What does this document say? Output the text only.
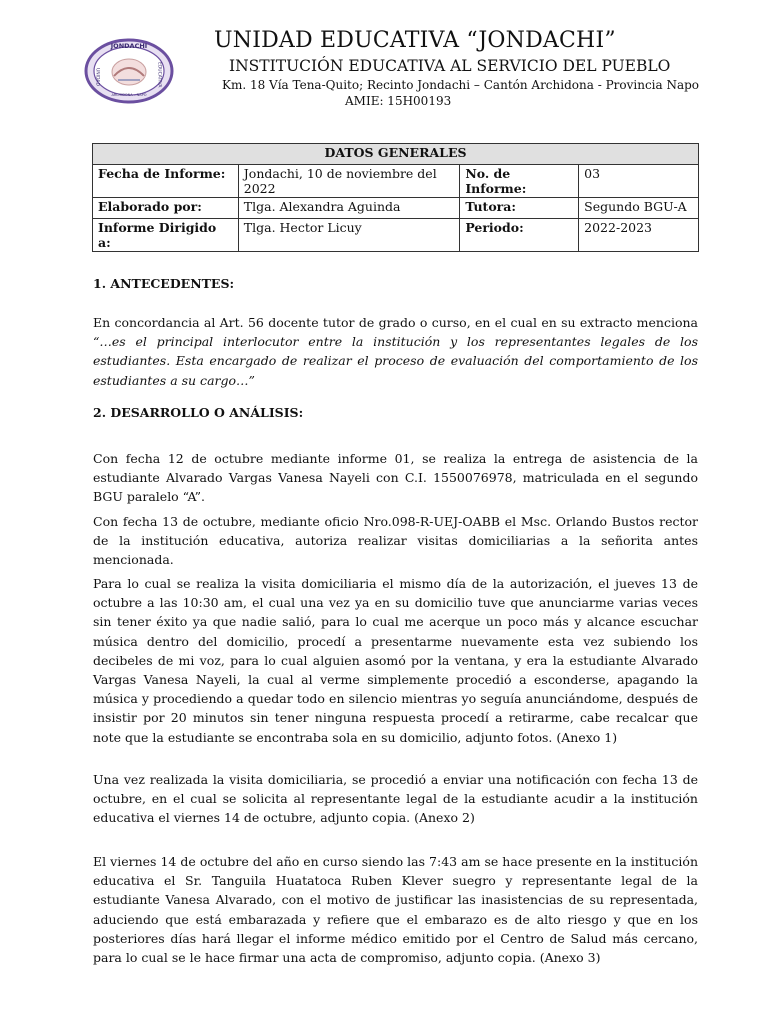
JONDACHI
UNIDAD	EDUCATIVA
ARCHIDONA – NAPO
UNIDAD EDUCATIVA “JONDACHI”
INSTITUCIÓN EDUCATIVA AL SERVICIO DEL PUEBLO
Km. 18 Vía Tena-Quito; Recinto Jondachi – Cantón Archidona - Provincia Napo
AMIE: 15H00193
DATOS GENERALES			
Fecha de Informe:	Jondachi, 10 de noviembre del 2022	No. de Informe:	03
Elaborado por:	Tlga. Alexandra Aguinda	Tutora:	Segundo BGU-A
Informe Dirigido a:	Tlga. Hector Licuy	Periodo:	2022-2023
1. ANTECEDENTES:
En concordancia al Art. 56 docente tutor de grado o curso, en el cual en su extracto menciona “…es el principal interlocutor entre la institución y los representantes legales de los estudiantes. Esta encargado de realizar el proceso de evaluación del comportamiento de los estudiantes a su cargo…”
2. DESARROLLO O ANÁLISIS:
Con fecha 12 de octubre mediante informe 01, se realiza la entrega de asistencia de la estudiante Alvarado Vargas Vanesa Nayeli con C.I. 1550076978, matriculada en el segundo BGU paralelo “A”.
Con fecha 13 de octubre, mediante oficio Nro.098-R-UEJ-OABB el Msc. Orlando Bustos rector de la institución educativa, autoriza realizar visitas domiciliarias a la señorita antes mencionada.
Para lo cual se realiza la visita domiciliaria el mismo día de la autorización, el jueves 13 de octubre a las 10:30 am, el cual una vez ya en su domicilio tuve que anunciarme varias veces sin tener éxito ya que nadie salió, para lo cual me acerque un poco más y alcance escuchar música dentro del domicilio, procedí a presentarme nuevamente esta vez subiendo los decibeles de mi voz, para lo cual alguien asomó por la ventana, y era la estudiante Alvarado Vargas Vanesa Nayeli, la cual al verme simplemente procedió a esconderse, apagando la música y procediendo a quedar todo en silencio mientras yo seguía anunciándome, después de insistir por 20 minutos sin tener ninguna respuesta procedí a retirarme, cabe recalcar que note que la estudiante se encontraba sola en su domicilio, adjunto fotos. (Anexo 1)
Una vez realizada la visita domiciliaria, se procedió a enviar una notificación con fecha 13 de octubre, en el cual se solicita al representante legal de la estudiante acudir a la institución educativa el viernes 14 de octubre, adjunto copia. (Anexo 2)
El viernes 14 de octubre del año en curso siendo las 7:43 am se hace presente en la institución educativa el Sr. Tanguila Huatatoca Ruben Klever suegro y representante legal de la estudiante Vanesa Alvarado, con el motivo de justificar las inasistencias de su representada, aduciendo que está embarazada y refiere que el embarazo es de alto riesgo y que en los posteriores días hará llegar el informe médico emitido por el Centro de Salud más cercano, para lo cual se le hace firmar una acta de compromiso, adjunto copia. (Anexo 3)
